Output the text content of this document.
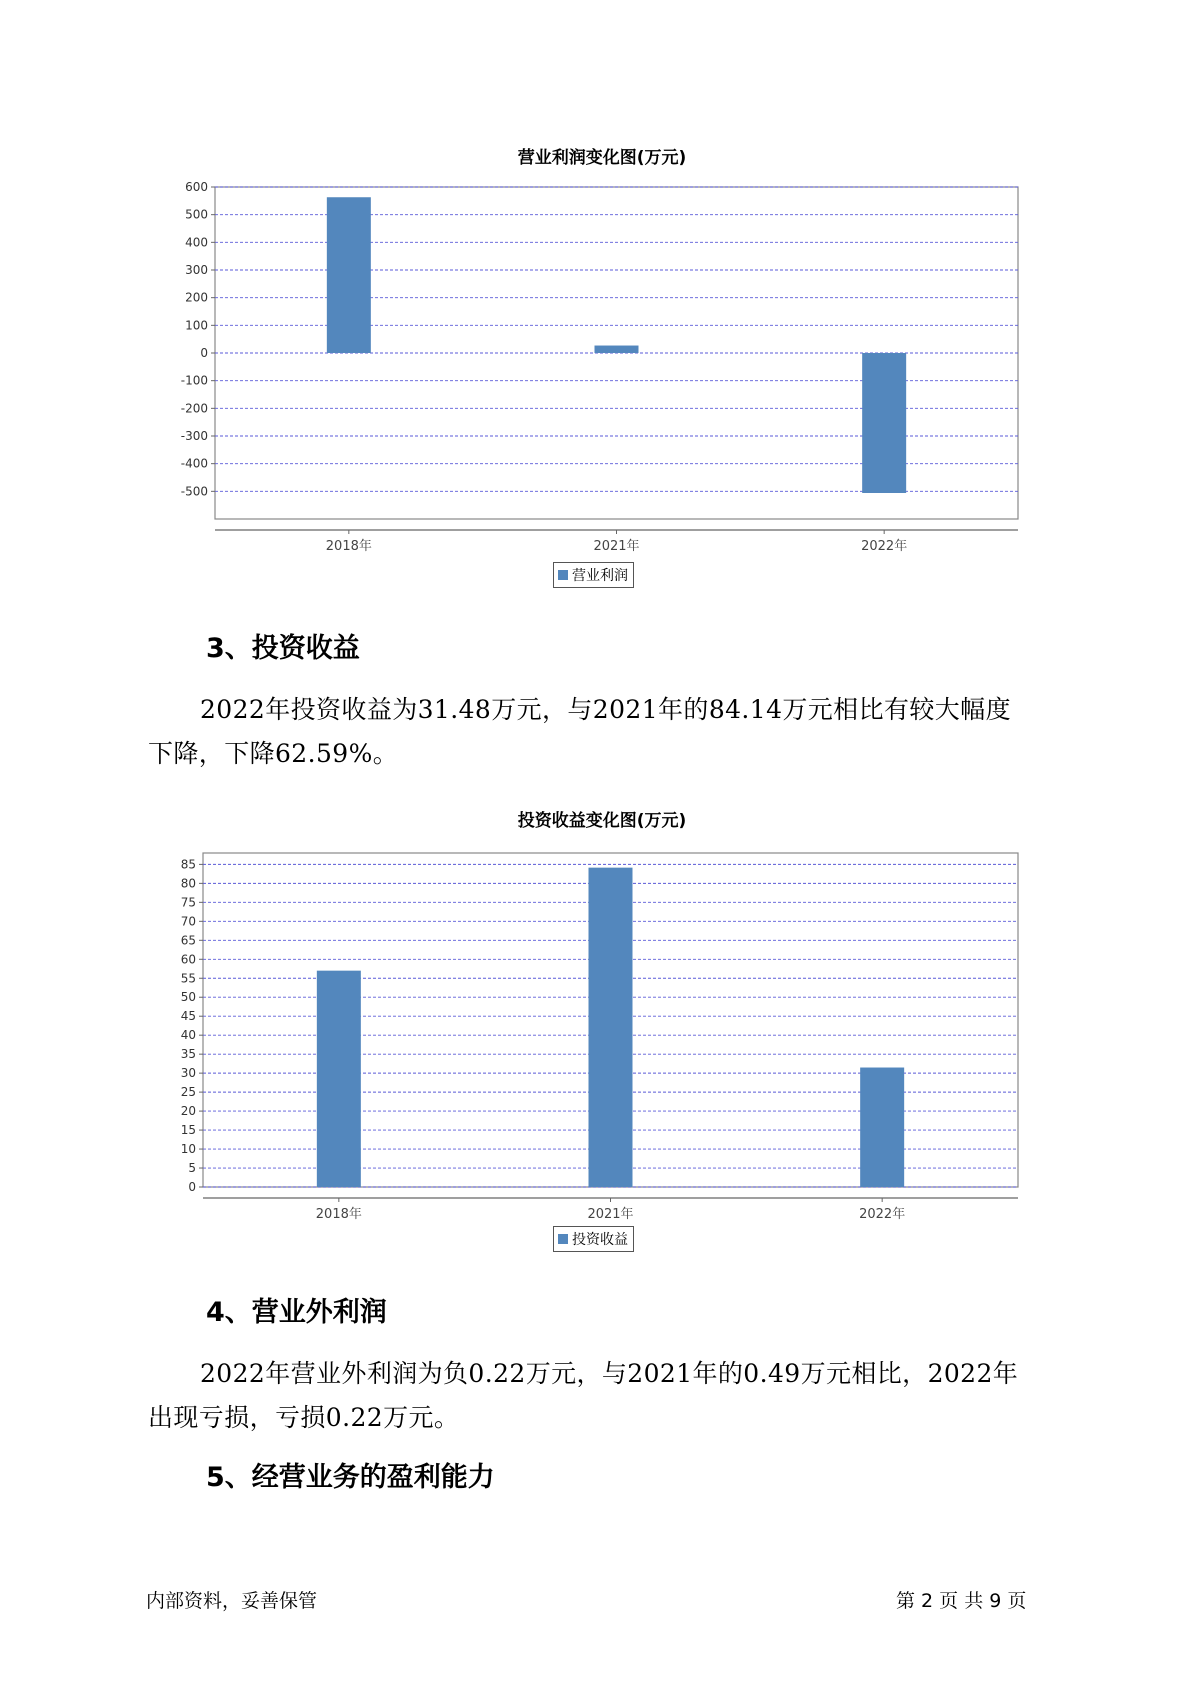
营业利润变化图(万元)
600
500
400
300
200
100
0
-100
-200
-300
-400
-500
2018年	2021年	2022年
营业利润
3、投资收益
2022年投资收益为31.48万元，与2021年的84.14万元相比有较大幅度
下降，下降62.59%。
投资收益变化图(万元)
85
80
75
70
65
60
55
50
45
40
35
30
25
20
15
10
5
0
2018年	2021年	2022年
投资收益
4、营业外利润
2022年营业外利润为负0.22万元，与2021年的0.49万元相比，2022年
出现亏损，亏损0.22万元。
5、经营业务的盈利能力
内部资料，妥善保管	第 2 页 共 9 页
